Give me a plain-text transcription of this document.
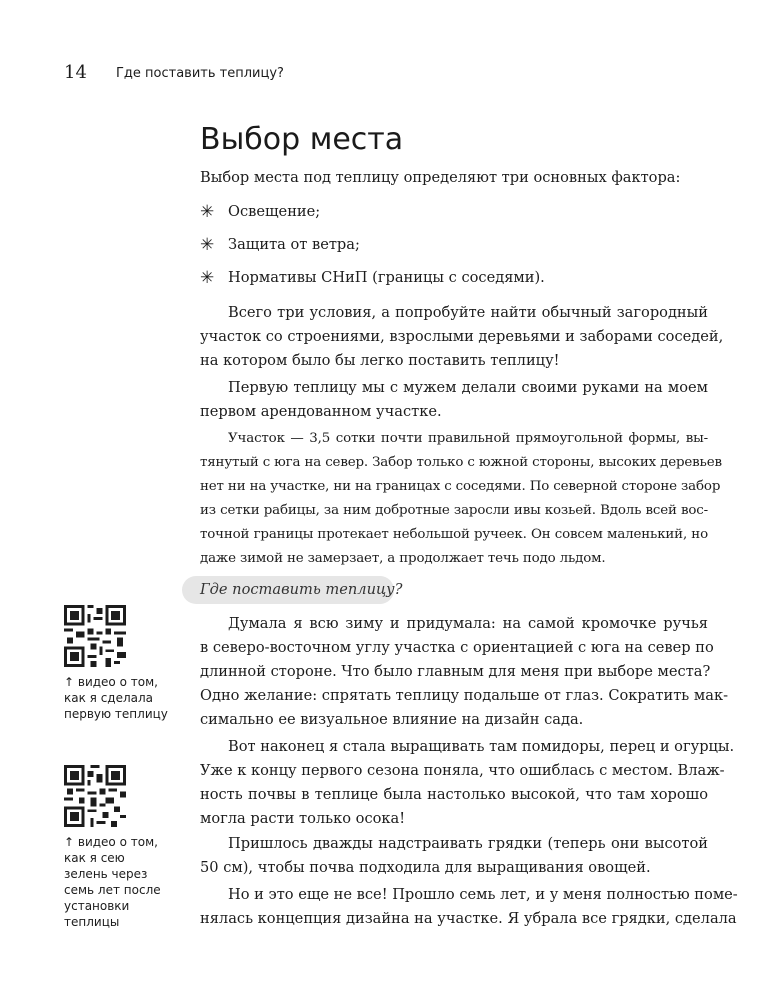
14 Где поставить теплицу?
Выбор места
Выбор места под теплицу определяют три основных фактора:
✳ Освещение;
✳ Защита от ветра;
✳ Нормативы СНиП (границы с соседями).
Всего три условия, а попробуйте найти обычный загородный
участок со строениями, взрослыми деревьями и заборами соседей,
на котором было бы легко поставить теплицу!
Первую теплицу мы с мужем делали своими руками на моем
первом арендованном участке.
Участок — 3,5 сотки почти правильной прямоугольной формы, вы-
тянутый с юга на север. Забор только с южной стороны, высоких деревьев
нет ни на участке, ни на границах с соседями. По северной стороне забор
из сетки рабицы, за ним добротные заросли ивы козьей. Вдоль всей вос-
точной границы протекает небольшой ручеек. Он совсем маленький, но
даже зимой не замерзает, а продолжает течь подо льдом.
Думала я всю зиму и придумала: на самой кромочке ручья
в северо-восточном углу участка с ориентацией с юга на север по
длинной стороне. Что было главным для меня при выборе места?
Одно желание: спрятать теплицу подальше от глаз. Сократить мак-
симально ее визуальное влияние на дизайн сада.
Вот наконец я стала выращивать там помидоры, перец и огурцы.
Уже к концу первого сезона поняла, что ошиблась с местом. Влаж-
ность почвы в теплице была настолько высокой, что там хорошо
могла расти только осока!
Пришлось дважды надстраивать грядки (теперь они высотой
50 см), чтобы почва подходила для выращивания овощей.
Но и это еще не все! Прошло семь лет, и у меня полностью поме-
нялась концепция дизайна на участке. Я убрала все грядки, сделала
Где поставить теплицу?
↑ видео о том,
как я сделала
первую теплицу
↑ видео о том,
как я сею
зелень через
семь лет после
установки
теплицы
